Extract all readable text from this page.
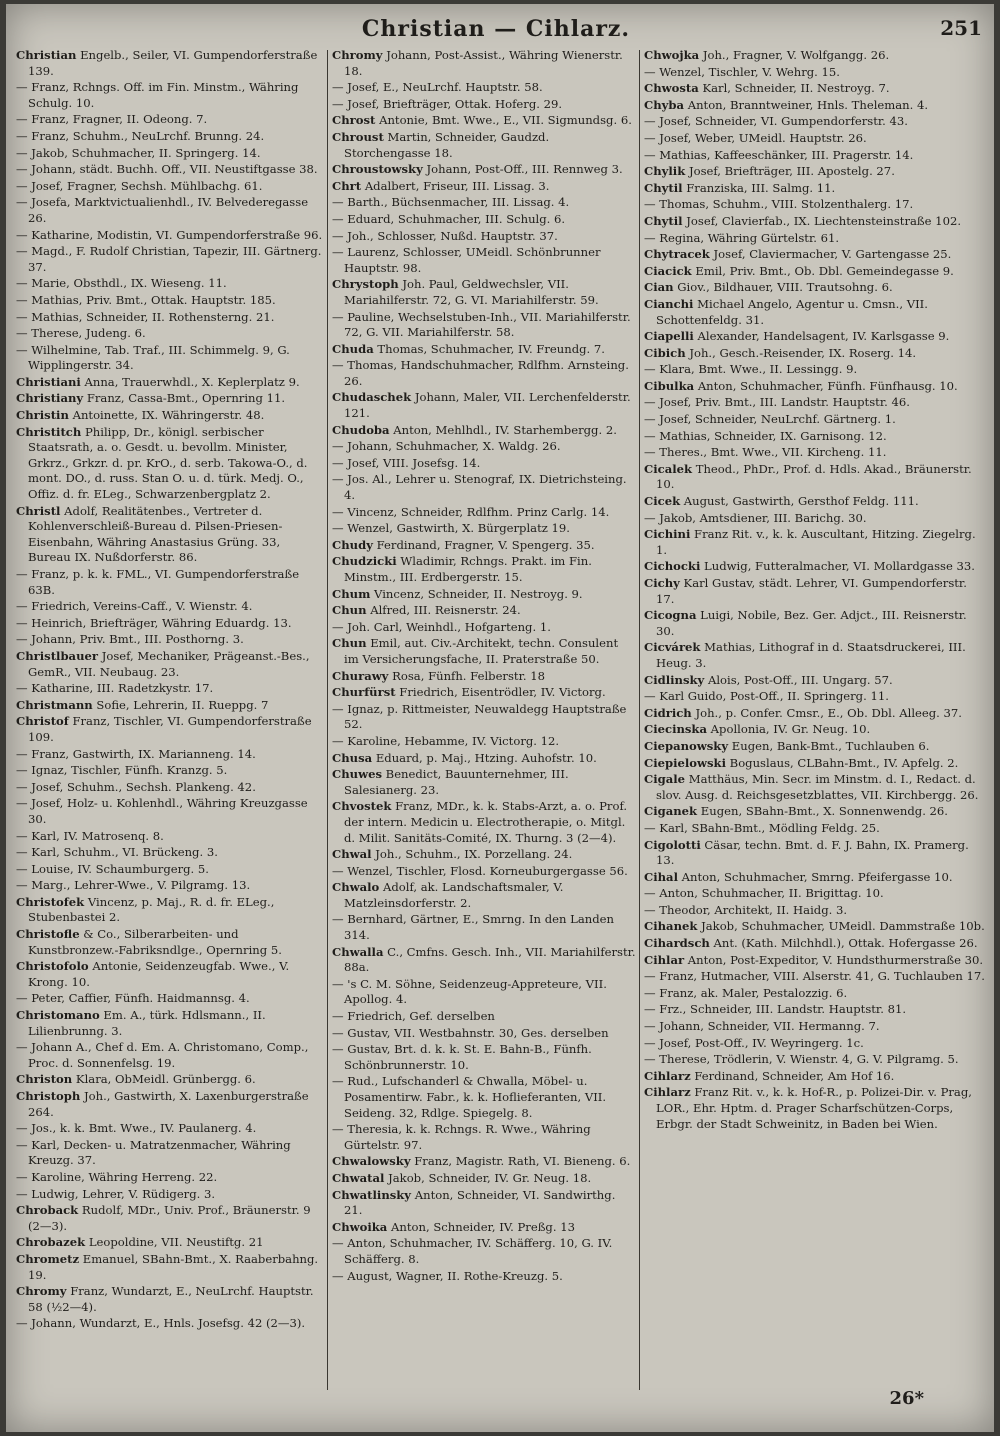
Christian — Cihlarz.	251
Christian Engelb., Seiler, VI. Gumpendorferstraße 139.
— Franz, Rchngs. Off. im Fin. Minstm., Währing Schulg. 10.
— Franz, Fragner, II. Odeong. 7.
— Franz, Schuhm., NeuLrchf. Brunng. 24.
— Jakob, Schuhmacher, II. Springerg. 14.
— Johann, städt. Buchh. Off., VII. Neustiftgasse 38.
— Josef, Fragner, Sechsh. Mühlbachg. 61.
— Josefa, Marktvictualienhdl., IV. Belvederegasse 26.
— Katharine, Modistin, VI. Gumpendorferstraße 96.
— Magd., F. Rudolf Christian, Tapezir, III. Gärtnerg. 37.
— Marie, Obsthdl., IX. Wieseng. 11.
— Mathias, Priv. Bmt., Ottak. Hauptstr. 185.
— Mathias, Schneider, II. Rothensterng. 21.
— Therese, Judeng. 6.
— Wilhelmine, Tab. Traf., III. Schimmelg. 9, G. Wipplingerstr. 34.
Christiani Anna, Trauerwhdl., X. Keplerplatz 9.
Christiany Franz, Cassa-Bmt., Opernring 11.
Christin Antoinette, IX. Währingerstr. 48.
Christitch Philipp, Dr., königl. serbischer Staatsrath, a. o. Gesdt. u. bevollm. Minister, Grkrz., Grkzr. d. pr. KrO., d. serb. Takowa-O., d. mont. DO., d. russ. Stan O. u. d. türk. Medj. O., Offiz. d. fr. ELeg., Schwarzenbergplatz 2.
Christl Adolf, Realitätenbes., Vertreter d. Kohlenverschleiß-Bureau d. Pilsen-Priesen-Eisenbahn, Währing Anastasius Grüng. 33, Bureau IX. Nußdorferstr. 86.
— Franz, p. k. k. FML., VI. Gumpendorferstraße 63B.
— Friedrich, Vereins-Caff., V. Wienstr. 4.
— Heinrich, Briefträger, Währing Eduardg. 13.
— Johann, Priv. Bmt., III. Posthorng. 3.
Christlbauer Josef, Mechaniker, Prägeanst.-Bes., GemR., VII. Neubaug. 23.
— Katharine, III. Radetzkystr. 17.
Christmann Sofie, Lehrerin, II. Rueppg. 7
Christof Franz, Tischler, VI. Gumpendorferstraße 109.
— Franz, Gastwirth, IX. Marianneng. 14.
— Ignaz, Tischler, Fünfh. Kranzg. 5.
— Josef, Schuhm., Sechsh. Plankeng. 42.
— Josef, Holz- u. Kohlenhdl., Währing Kreuzgasse 30.
— Karl, IV. Matrosenq. 8.
— Karl, Schuhm., VI. Brückeng. 3.
— Louise, IV. Schaumburgerg. 5.
— Marg., Lehrer-Wwe., V. Pilgramg. 13.
Christofek Vincenz, p. Maj., R. d. fr. ELeg., Stubenbastei 2.
Christofle & Co., Silberarbeiten- und Kunstbronzew.-Fabriksndlge., Opernring 5.
Christofolo Antonie, Seidenzeugfab. Wwe., V. Krong. 10.
— Peter, Caffier, Fünfh. Haidmannsg. 4.
Christomano Em. A., türk. Hdlsmann., II. Lilienbrunng. 3.
— Johann A., Chef d. Em. A. Christomano, Comp., Proc. d. Sonnenfelsg. 19.
Christon Klara, ObMeidl. Grünbergg. 6.
Christoph Joh., Gastwirth, X. Laxenburgerstraße 264.
— Jos., k. k. Bmt. Wwe., IV. Paulanerg. 4.
— Karl, Decken- u. Matratzenmacher, Währing Kreuzg. 37.
— Karoline, Währing Herreng. 22.
— Ludwig, Lehrer, V. Rüdigerg. 3.
Chroback Rudolf, MDr., Univ. Prof., Bräunerstr. 9 (2—3).
Chrobazek Leopoldine, VII. Neustiftg. 21
Chrometz Emanuel, SBahn-Bmt., X. Raaberbahng. 19.
Chromy Franz, Wundarzt, E., NeuLrchf. Hauptstr. 58 (½2—4).
— Johann, Wundarzt, E., Hnls. Josefsg. 42 (2—3).
Chromy Johann, Post-Assist., Währing Wienerstr. 18.
— Josef, E., NeuLrchf. Hauptstr. 58.
— Josef, Briefträger, Ottak. Hoferg. 29.
Chrost Antonie, Bmt. Wwe., E., VII. Sigmundsg. 6.
Chroust Martin, Schneider, Gaudzd. Storchengasse 18.
Chroustowsky Johann, Post-Off., III. Rennweg 3.
Chrt Adalbert, Friseur, III. Lissag. 3.
— Barth., Büchsenmacher, III. Lissag. 4.
— Eduard, Schuhmacher, III. Schulg. 6.
— Joh., Schlosser, Nußd. Hauptstr. 37.
— Laurenz, Schlosser, UMeidl. Schönbrunner Hauptstr. 98.
Chrystoph Joh. Paul, Geldwechsler, VII. Mariahilferstr. 72, G. VI. Mariahilferstr. 59.
— Pauline, Wechselstuben-Inh., VII. Mariahilferstr. 72, G. VII. Mariahilferstr. 58.
Chuda Thomas, Schuhmacher, IV. Freundg. 7.
— Thomas, Handschuhmacher, Rdlfhm. Arnsteing. 26.
Chudaschek Johann, Maler, VII. Lerchenfelderstr. 121.
Chudoba Anton, Mehlhdl., IV. Starhembergg. 2.
— Johann, Schuhmacher, X. Waldg. 26.
— Josef, VIII. Josefsg. 14.
— Jos. Al., Lehrer u. Stenograf, IX. Dietrichsteing. 4.
— Vincenz, Schneider, Rdlfhm. Prinz Carlg. 14.
— Wenzel, Gastwirth, X. Bürgerplatz 19.
Chudy Ferdinand, Fragner, V. Spengerg. 35.
Chudzicki Wladimir, Rchngs. Prakt. im Fin. Minstm., III. Erdbergerstr. 15.
Chum Vincenz, Schneider, II. Nestroyg. 9.
Chun Alfred, III. Reisnerstr. 24.
— Joh. Carl, Weinhdl., Hofgarteng. 1.
Chun Emil, aut. Civ.-Architekt, techn. Consulent im Versicherungsfache, II. Praterstraße 50.
Churawy Rosa, Fünfh. Felberstr. 18
Churfürst Friedrich, Eisentrödler, IV. Victorg.
— Ignaz, p. Rittmeister, Neuwaldegg Hauptstraße 52.
— Karoline, Hebamme, IV. Victorg. 12.
Chusa Eduard, p. Maj., Htzing. Auhofstr. 10.
Chuwes Benedict, Bauunternehmer, III. Salesianerg. 23.
Chvostek Franz, MDr., k. k. Stabs-Arzt, a. o. Prof. der intern. Medicin u. Electrotherapie, o. Mitgl. d. Milit. Sanitäts-Comité, IX. Thurng. 3 (2—4).
Chwal Joh., Schuhm., IX. Porzellang. 24.
— Wenzel, Tischler, Flosd. Korneuburgergasse 56.
Chwalo Adolf, ak. Landschaftsmaler, V. Matzleinsdorferstr. 2.
— Bernhard, Gärtner, E., Smrng. In den Landen 314.
Chwalla C., Cmfns. Gesch. Inh., VII. Mariahilferstr. 88a.
— 's C. M. Söhne, Seidenzeug-Appreteure, VII. Apollog. 4.
— Friedrich, Gef. derselben
— Gustav, VII. Westbahnstr. 30, Ges. derselben
— Gustav, Brt. d. k. k. St. E. Bahn-B., Fünfh. Schönbrunnerstr. 10.
— Rud., Lufschanderl & Chwalla, Möbel- u. Posamentirw. Fabr., k. k. Hoflieferanten, VII. Seideng. 32, Rdlge. Spiegelg. 8.
— Theresia, k. k. Rchngs. R. Wwe., Währing Gürtelstr. 97.
Chwalowsky Franz, Magistr. Rath, VI. Bieneng. 6.
Chwatal Jakob, Schneider, IV. Gr. Neug. 18.
Chwatlinsky Anton, Schneider, VI. Sandwirthg. 21.
Chwoika Anton, Schneider, IV. Preßg. 13
— Anton, Schuhmacher, IV. Schäfferg. 10, G. IV. Schäfferg. 8.
— August, Wagner, II. Rothe-Kreuzg. 5.
Chwojka Joh., Fragner, V. Wolfgangg. 26.
— Wenzel, Tischler, V. Wehrg. 15.
Chwosta Karl, Schneider, II. Nestroyg. 7.
Chyba Anton, Branntweiner, Hnls. Theleman. 4.
— Josef, Schneider, VI. Gumpendorferstr. 43.
— Josef, Weber, UMeidl. Hauptstr. 26.
— Mathias, Kaffeeschänker, III. Pragerstr. 14.
Chylik Josef, Briefträger, III. Apostelg. 27.
Chytil Franziska, III. Salmg. 11.
— Thomas, Schuhm., VIII. Stolzenthalerg. 17.
Chytil Josef, Clavierfab., IX. Liechtensteinstraße 102.
— Regina, Währing Gürtelstr. 61.
Chytracek Josef, Claviermacher, V. Gartengasse 25.
Ciacick Emil, Priv. Bmt., Ob. Dbl. Gemeindegasse 9.
Cian Giov., Bildhauer, VIII. Trautsohng. 6.
Cianchi Michael Angelo, Agentur u. Cmsn., VII. Schottenfeldg. 31.
Ciapelli Alexander, Handelsagent, IV. Karlsgasse 9.
Cibich Joh., Gesch.-Reisender, IX. Roserg. 14.
— Klara, Bmt. Wwe., II. Lessingg. 9.
Cibulka Anton, Schuhmacher, Fünfh. Fünfhausg. 10.
— Josef, Priv. Bmt., III. Landstr. Hauptstr. 46.
— Josef, Schneider, NeuLrchf. Gärtnerg. 1.
— Mathias, Schneider, IX. Garnisong. 12.
— Theres., Bmt. Wwe., VII. Kircheng. 11.
Cicalek Theod., PhDr., Prof. d. Hdls. Akad., Bräunerstr. 10.
Cicek August, Gastwirth, Gersthof Feldg. 111.
— Jakob, Amtsdiener, III. Barichg. 30.
Cichini Franz Rit. v., k. k. Auscultant, Hitzing. Ziegelrg. 1.
Cichocki Ludwig, Futteralmacher, VI. Mollardgasse 33.
Cichy Karl Gustav, städt. Lehrer, VI. Gumpendorferstr. 17.
Cicogna Luigi, Nobile, Bez. Ger. Adjct., III. Reisnerstr. 30.
Cicvárek Mathias, Lithograf in d. Staatsdruckerei, III. Heug. 3.
Cidlinsky Alois, Post-Off., III. Ungarg. 57.
— Karl Guido, Post-Off., II. Springerg. 11.
Cidrich Joh., p. Confer. Cmsr., E., Ob. Dbl. Alleeg. 37.
Ciecinska Apollonia, IV. Gr. Neug. 10.
Ciepanowsky Eugen, Bank-Bmt., Tuchlauben 6.
Ciepielowski Boguslaus, CLBahn-Bmt., IV. Apfelg. 2.
Cigale Matthäus, Min. Secr. im Minstm. d. I., Redact. d. slov. Ausg. d. Reichsgesetzblattes, VII. Kirchbergg. 26.
Ciganek Eugen, SBahn-Bmt., X. Sonnenwendg. 26.
— Karl, SBahn-Bmt., Mödling Feldg. 25.
Cigolotti Cäsar, techn. Bmt. d. F. J. Bahn, IX. Pramerg. 13.
Cihal Anton, Schuhmacher, Smrng. Pfeifergasse 10.
— Anton, Schuhmacher, II. Brigittag. 10.
— Theodor, Architekt, II. Haidg. 3.
Cihanek Jakob, Schuhmacher, UMeidl. Dammstraße 10b.
Cihardsch Ant. (Kath. Milchhdl.), Ottak. Hofergasse 26.
Cihlar Anton, Post-Expeditor, V. Hundsthurmerstraße 30.
— Franz, Hutmacher, VIII. Alserstr. 41, G. Tuchlauben 17.
— Franz, ak. Maler, Pestalozzig. 6.
— Frz., Schneider, III. Landstr. Hauptstr. 81.
— Johann, Schneider, VII. Hermanng. 7.
— Josef, Post-Off., IV. Weyringerg. 1c.
— Therese, Trödlerin, V. Wienstr. 4, G. V. Pilgramg. 5.
Cihlarz Ferdinand, Schneider, Am Hof 16.
Cihlarz Franz Rit. v., k. k. Hof-R., p. Polizei-Dir. v. Prag, LOR., Ehr. Hptm. d. Prager Scharfschützen-Corps, Erbgr. der Stadt Schweinitz, in Baden bei Wien.
26*
